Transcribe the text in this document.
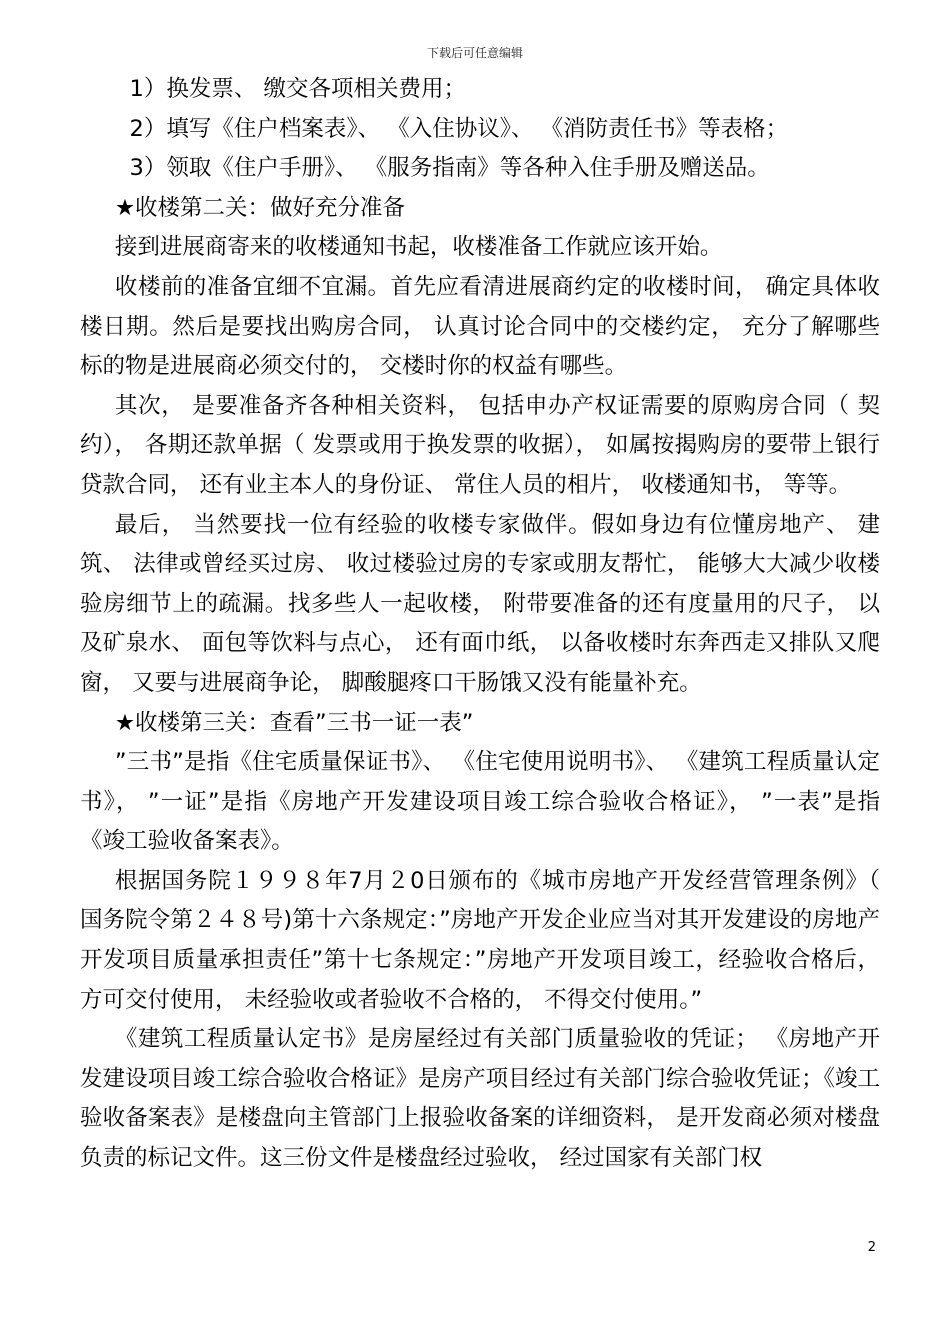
下载后可任意编辑

1）换发票、 缴交各项相关费用；

2）填写《住户档案表》、 《入住协议》、 《消防责任书》等表格；

3）领取《住户手册》、 《服务指南》等各种入住手册及赠送品。

★收楼第二关：做好充分准备

接到进展商寄来的收楼通知书起，收楼准备工作就应该开始。

收楼前的准备宜细不宜漏。首先应看清进展商约定的收楼时间， 确定具体收楼日期。然后是要找出购房合同， 认真讨论合同中的交楼约定， 充分了解哪些标的物是进展商必须交付的， 交楼时你的权益有哪些。

其次， 是要准备齐各种相关资料， 包括申办产权证需要的原购房合同（ 契约）， 各期还款单据（ 发票或用于换发票的收据）， 如属按揭购房的要带上银行贷款合同， 还有业主本人的身份证、 常住人员的相片， 收楼通知书， 等等。

最后， 当然要找一位有经验的收楼专家做伴。假如身边有位懂房地产、 建筑、 法律或曾经买过房、 收过楼验过房的专家或朋友帮忙， 能够大大减少收楼验房细节上的疏漏。找多些人一起收楼， 附带要准备的还有度量用的尺子， 以及矿泉水、 面包等饮料与点心， 还有面巾纸， 以备收楼时东奔西走又排队又爬窗， 又要与进展商争论， 脚酸腿疼口干肠饿又没有能量补充。

★收楼第三关：查看”三书一证一表”

”三书”是指《住宅质量保证书》、 《住宅使用说明书》、 《建筑工程质量认定书》， ”一证”是指《房地产开发建设项目竣工综合验收合格证》， ”一表”是指《竣工验收备案表》。

根据国务院１９９８年7月２0日颁布的《城市房地产开发经营管理条例》（ 国务院令第２４８号)第十六条规定：”房地产开发企业应当对其开发建设的房地产开发项目质量承担责任”第十七条规定：”房地产开发项目竣工，经验收合格后， 方可交付使用， 未经验收或者验收不合格的， 不得交付使用。”

《建筑工程质量认定书》是房屋经过有关部门质量验收的凭证； 《房地产开发建设项目竣工综合验收合格证》是房产项目经过有关部门综合验收凭证；《竣工验收备案表》是楼盘向主管部门上报验收备案的详细资料， 是开发商必须对楼盘负责的标记文件。这三份文件是楼盘经过验收， 经过国家有关部门权

2
